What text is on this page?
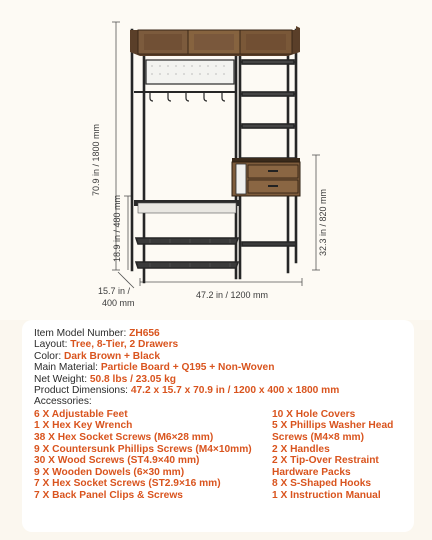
70.9 in / 1800 mm
18.9 in / 480 mm	32.3 in / 820 mm
15.7 in /
400 mm
47.2 in / 1200 mm
Item Model Number: ZH656
Layout: Tree, 8-Tier, 2 Drawers
Color: Dark Brown + Black
Main Material: Particle Board + Q195 + Non-Woven
Net Weight: 50.8 lbs / 23.05 kg
Product Dimensions: 47.2 x 15.7 x 70.9 in / 1200 x 400 x 1800 mm
Accessories:
6 X Adjustable Feet
1 X Hex Key Wrench
38 X Hex Socket Screws (M6×28 mm)
9 X Countersunk Phillips Screws (M4×10mm)
30 X Wood Screws (ST4.9×40 mm)
9 X Wooden Dowels (6×30 mm)
7 X Hex Socket Screws (ST2.9×16 mm)
7 X Back Panel Clips & Screws
10 X Hole Covers
5 X Phillips Washer Head
Screws (M4×8 mm)
2 X Handles
2 X Tip-Over Restraint
Hardware Packs
8 X S-Shaped Hooks
1 X Instruction Manual
